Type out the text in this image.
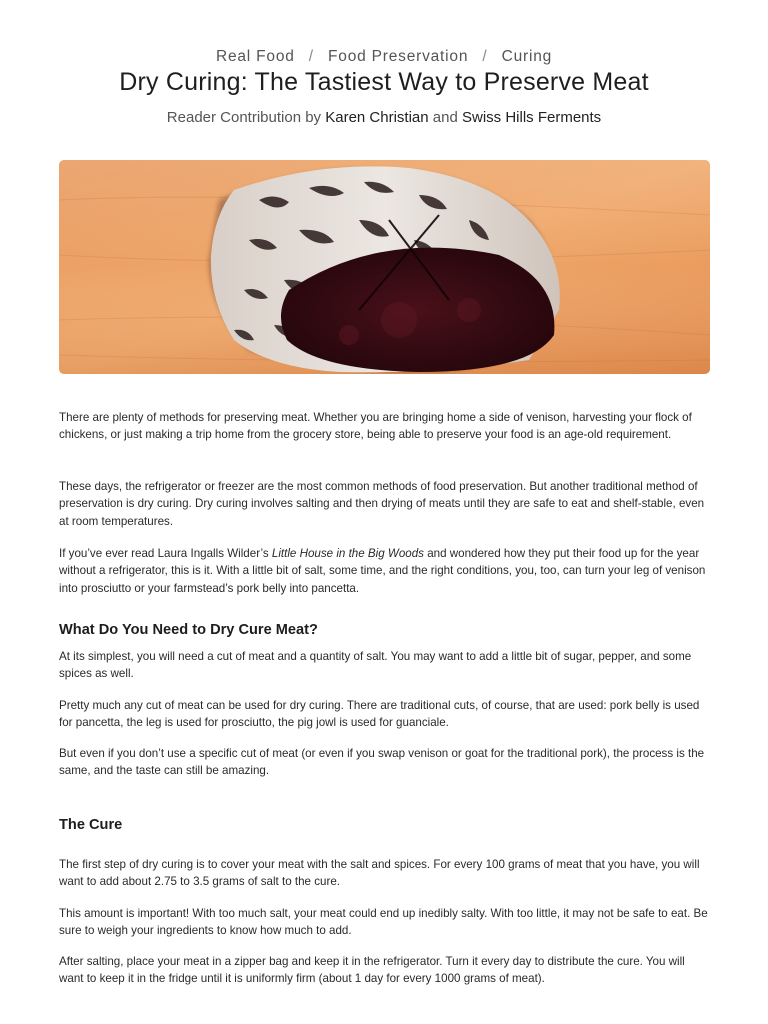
Real Food / Food Preservation / Curing
Dry Curing: The Tastiest Way to Preserve Meat
Reader Contribution by Karen Christian and Swiss Hills Ferments

There are plenty of methods for preserving meat. Whether you are bringing home a side of venison, harvesting your flock of chickens, or just making a trip home from the grocery store, being able to preserve your food is an age-old requirement.

These days, the refrigerator or freezer are the most common methods of food preservation. But another traditional method of preservation is dry curing. Dry curing involves salting and then drying of meats until they are safe to eat and shelf-stable, even at room temperatures.

If you’ve ever read Laura Ingalls Wilder’s Little House in the Big Woods and wondered how they put their food up for the year without a refrigerator, this is it. With a little bit of salt, some time, and the right conditions, you, too, can turn your leg of venison into prosciutto or your farmstead’s pork belly into pancetta.

What Do You Need to Dry Cure Meat?

At its simplest, you will need a cut of meat and a quantity of salt. You may want to add a little bit of sugar, pepper, and some spices as well.

Pretty much any cut of meat can be used for dry curing. There are traditional cuts, of course, that are used: pork belly is used for pancetta, the leg is used for prosciutto, the pig jowl is used for guanciale.

But even if you don’t use a specific cut of meat (or even if you swap venison or goat for the traditional pork), the process is the same, and the taste can still be amazing.

The Cure

The first step of dry curing is to cover your meat with the salt and spices. For every 100 grams of meat that you have, you will want to add about 2.75 to 3.5 grams of salt to the cure.

This amount is important! With too much salt, your meat could end up inedibly salty. With too little, it may not be safe to eat. Be sure to weigh your ingredients to know how much to add.

After salting, place your meat in a zipper bag and keep it in the refrigerator. Turn it every day to distribute the cure. You will want to keep it in the fridge until it is uniformly firm (about 1 day for every 1000 grams of meat).
